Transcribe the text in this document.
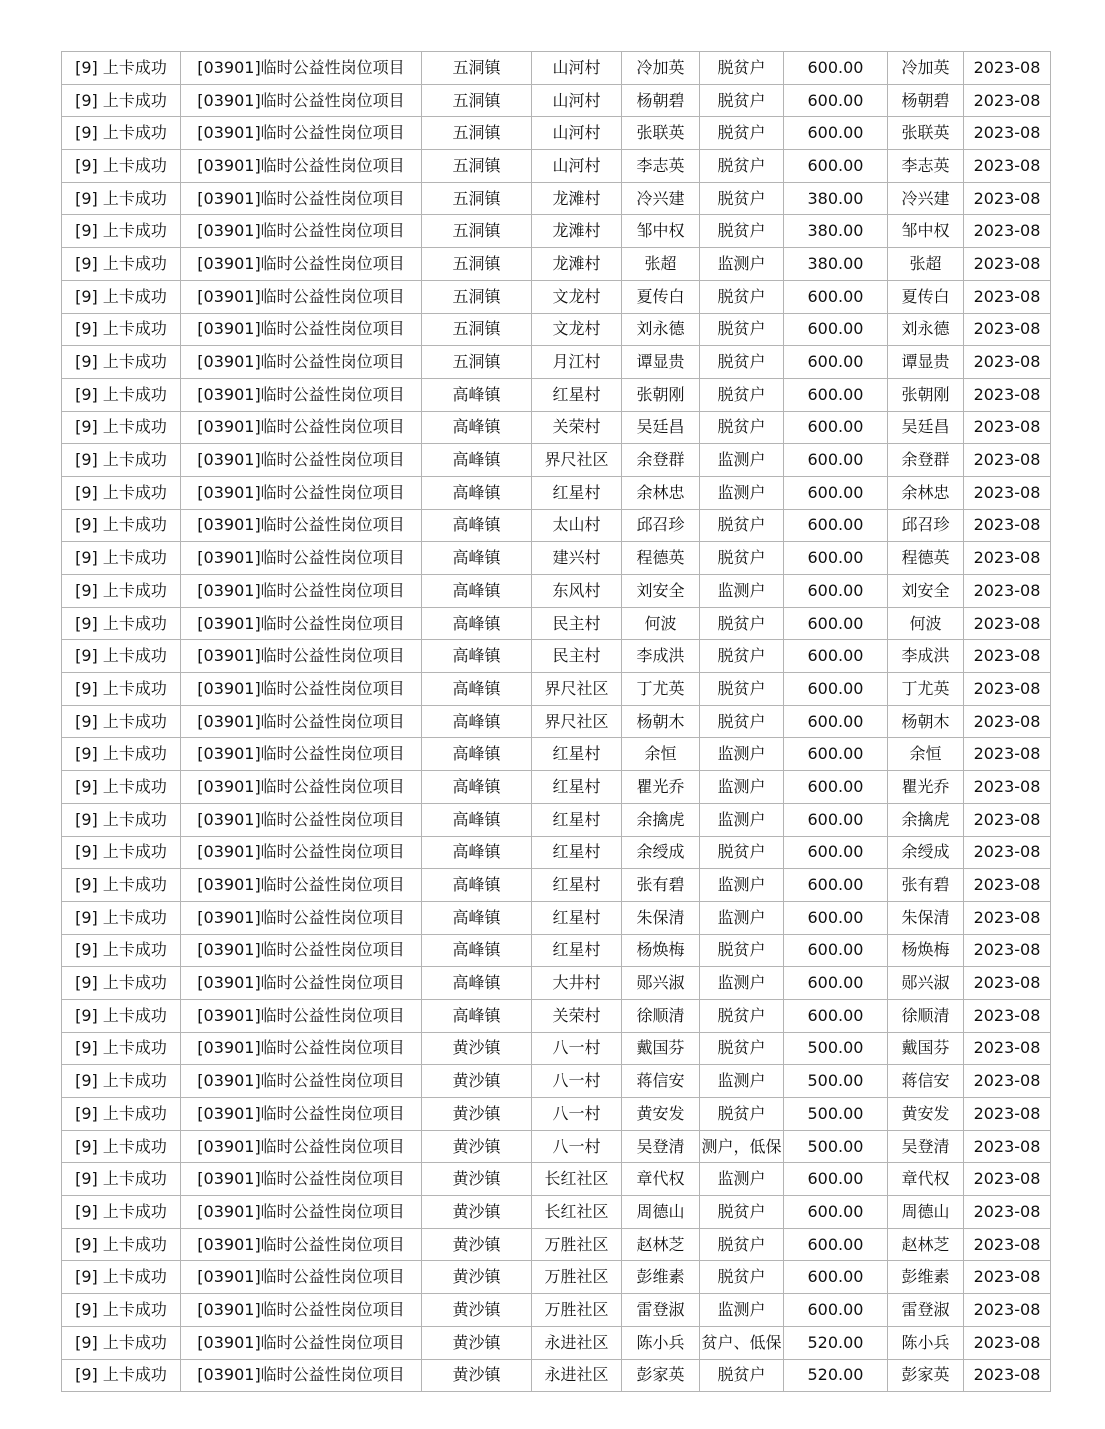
[9] 上卡成功	[03901]临时公益性岗位项目	五洞镇	山河村	冷加英	脱贫户	600.00	冷加英	2023-08
[9] 上卡成功	[03901]临时公益性岗位项目	五洞镇	山河村	杨朝碧	脱贫户	600.00	杨朝碧	2023-08
[9] 上卡成功	[03901]临时公益性岗位项目	五洞镇	山河村	张联英	脱贫户	600.00	张联英	2023-08
[9] 上卡成功	[03901]临时公益性岗位项目	五洞镇	山河村	李志英	脱贫户	600.00	李志英	2023-08
[9] 上卡成功	[03901]临时公益性岗位项目	五洞镇	龙滩村	冷兴建	脱贫户	380.00	冷兴建	2023-08
[9] 上卡成功	[03901]临时公益性岗位项目	五洞镇	龙滩村	邹中权	脱贫户	380.00	邹中权	2023-08
[9] 上卡成功	[03901]临时公益性岗位项目	五洞镇	龙滩村	张超	监测户	380.00	张超	2023-08
[9] 上卡成功	[03901]临时公益性岗位项目	五洞镇	文龙村	夏传白	脱贫户	600.00	夏传白	2023-08
[9] 上卡成功	[03901]临时公益性岗位项目	五洞镇	文龙村	刘永德	脱贫户	600.00	刘永德	2023-08
[9] 上卡成功	[03901]临时公益性岗位项目	五洞镇	月江村	谭显贵	脱贫户	600.00	谭显贵	2023-08
[9] 上卡成功	[03901]临时公益性岗位项目	高峰镇	红星村	张朝刚	脱贫户	600.00	张朝刚	2023-08
[9] 上卡成功	[03901]临时公益性岗位项目	高峰镇	关荣村	吴廷昌	脱贫户	600.00	吴廷昌	2023-08
[9] 上卡成功	[03901]临时公益性岗位项目	高峰镇	界尺社区	余登群	监测户	600.00	余登群	2023-08
[9] 上卡成功	[03901]临时公益性岗位项目	高峰镇	红星村	余林忠	监测户	600.00	余林忠	2023-08
[9] 上卡成功	[03901]临时公益性岗位项目	高峰镇	太山村	邱召珍	脱贫户	600.00	邱召珍	2023-08
[9] 上卡成功	[03901]临时公益性岗位项目	高峰镇	建兴村	程德英	脱贫户	600.00	程德英	2023-08
[9] 上卡成功	[03901]临时公益性岗位项目	高峰镇	东风村	刘安全	监测户	600.00	刘安全	2023-08
[9] 上卡成功	[03901]临时公益性岗位项目	高峰镇	民主村	何波	脱贫户	600.00	何波	2023-08
[9] 上卡成功	[03901]临时公益性岗位项目	高峰镇	民主村	李成洪	脱贫户	600.00	李成洪	2023-08
[9] 上卡成功	[03901]临时公益性岗位项目	高峰镇	界尺社区	丁尤英	脱贫户	600.00	丁尤英	2023-08
[9] 上卡成功	[03901]临时公益性岗位项目	高峰镇	界尺社区	杨朝木	脱贫户	600.00	杨朝木	2023-08
[9] 上卡成功	[03901]临时公益性岗位项目	高峰镇	红星村	余恒	监测户	600.00	余恒	2023-08
[9] 上卡成功	[03901]临时公益性岗位项目	高峰镇	红星村	瞿光乔	监测户	600.00	瞿光乔	2023-08
[9] 上卡成功	[03901]临时公益性岗位项目	高峰镇	红星村	余擒虎	监测户	600.00	余擒虎	2023-08
[9] 上卡成功	[03901]临时公益性岗位项目	高峰镇	红星村	余绶成	脱贫户	600.00	余绶成	2023-08
[9] 上卡成功	[03901]临时公益性岗位项目	高峰镇	红星村	张有碧	监测户	600.00	张有碧	2023-08
[9] 上卡成功	[03901]临时公益性岗位项目	高峰镇	红星村	朱保清	监测户	600.00	朱保清	2023-08
[9] 上卡成功	[03901]临时公益性岗位项目	高峰镇	红星村	杨焕梅	脱贫户	600.00	杨焕梅	2023-08
[9] 上卡成功	[03901]临时公益性岗位项目	高峰镇	大井村	郧兴淑	监测户	600.00	郧兴淑	2023-08
[9] 上卡成功	[03901]临时公益性岗位项目	高峰镇	关荣村	徐顺清	脱贫户	600.00	徐顺清	2023-08
[9] 上卡成功	[03901]临时公益性岗位项目	黄沙镇	八一村	戴国芬	脱贫户	500.00	戴国芬	2023-08
[9] 上卡成功	[03901]临时公益性岗位项目	黄沙镇	八一村	蒋信安	监测户	500.00	蒋信安	2023-08
[9] 上卡成功	[03901]临时公益性岗位项目	黄沙镇	八一村	黄安发	脱贫户	500.00	黄安发	2023-08
[9] 上卡成功	[03901]临时公益性岗位项目	黄沙镇	八一村	吴登清	测户，低保	500.00	吴登清	2023-08
[9] 上卡成功	[03901]临时公益性岗位项目	黄沙镇	长红社区	章代权	监测户	600.00	章代权	2023-08
[9] 上卡成功	[03901]临时公益性岗位项目	黄沙镇	长红社区	周德山	脱贫户	600.00	周德山	2023-08
[9] 上卡成功	[03901]临时公益性岗位项目	黄沙镇	万胜社区	赵林芝	脱贫户	600.00	赵林芝	2023-08
[9] 上卡成功	[03901]临时公益性岗位项目	黄沙镇	万胜社区	彭维素	脱贫户	600.00	彭维素	2023-08
[9] 上卡成功	[03901]临时公益性岗位项目	黄沙镇	万胜社区	雷登淑	监测户	600.00	雷登淑	2023-08
[9] 上卡成功	[03901]临时公益性岗位项目	黄沙镇	永进社区	陈小兵	贫户、低保	520.00	陈小兵	2023-08
[9] 上卡成功	[03901]临时公益性岗位项目	黄沙镇	永进社区	彭家英	脱贫户	520.00	彭家英	2023-08
